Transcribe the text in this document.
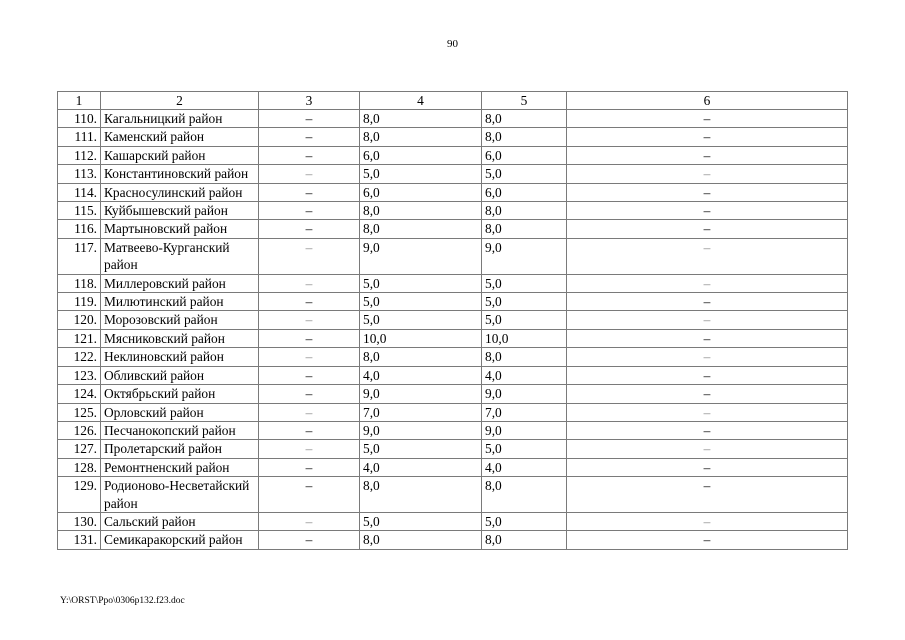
90
1	2	3	4	5	6
110.	Кагальницкий район	–	8,0	8,0	–
111.	Каменский район	–	8,0	8,0	–
112.	Кашарский район	–	6,0	6,0	–
113.	Константиновский район	–	5,0	5,0	–
114.	Красносулинский район	–	6,0	6,0	–
115.	Куйбышевский район	–	8,0	8,0	–
116.	Мартыновский район	–	8,0	8,0	–
117.	Матвеево-Курганский район	–	9,0	9,0	–
118.	Миллеровский район	–	5,0	5,0	–
119.	Милютинский район	–	5,0	5,0	–
120.	Морозовский район	–	5,0	5,0	–
121.	Мясниковский район	–	10,0	10,0	–
122.	Неклиновский район	–	8,0	8,0	–
123.	Обливский район	–	4,0	4,0	–
124.	Октябрьский район	–	9,0	9,0	–
125.	Орловский район	–	7,0	7,0	–
126.	Песчанокопский район	–	9,0	9,0	–
127.	Пролетарский район	–	5,0	5,0	–
128.	Ремонтненский район	–	4,0	4,0	–
129.	Родионово-Несветайский район	–	8,0	8,0	–
130.	Сальский район	–	5,0	5,0	–
131.	Семикаракорский район	–	8,0	8,0	–
Y:\ORST\Ppo\0306p132.f23.doc
